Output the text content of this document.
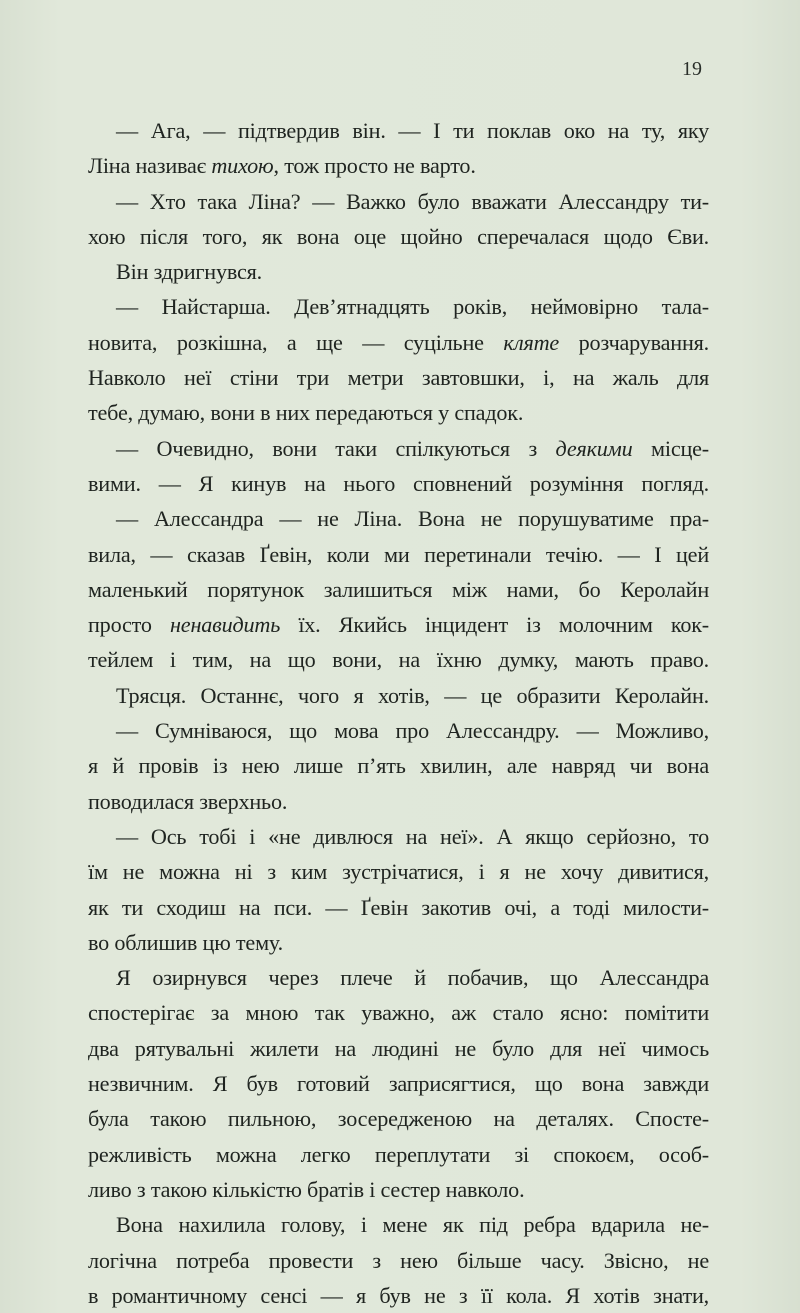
19
— Ага, — підтвердив він. — І ти поклав око на ту, яку
Ліна називає тихою, тож просто не варто.
— Хто така Ліна? — Важко було вважати Алессандру ти-
хою після того, як вона оце щойно сперечалася щодо Єви.
Він здригнувся.
— Найстарша. Дев’ятнадцять років, неймовірно тала-
новита, розкішна, а ще — суцільне кляте розчарування.
Навколо неї стіни три метри завтовшки, і, на жаль для
тебе, думаю, вони в них передаються у спадок.
— Очевидно, вони таки спілкуються з деякими місце-
вими. — Я кинув на нього сповнений розуміння погляд.
— Алессандра — не Ліна. Вона не порушуватиме пра-
вила, — сказав Ґевін, коли ми перетинали течію. — І цей
маленький порятунок залишиться між нами, бо Керолайн
просто ненавидить їх. Якийсь інцидент із молочним кок-
тейлем і тим, на що вони, на їхню думку, мають право.
Трясця. Останнє, чого я хотів, — це образити Керолайн.
— Сумніваюся, що мова про Алессандру. — Можливо,
я й провів із нею лише п’ять хвилин, але навряд чи вона
поводилася зверхньо.
— Ось тобі і «не дивлюся на неї». А якщо серйозно, то
їм не можна ні з ким зустрічатися, і я не хочу дивитися,
як ти сходиш на пси. — Ґевін закотив очі, а тоді милости-
во облишив цю тему.
Я озирнувся через плече й побачив, що Алессандра
спостерігає за мною так уважно, аж стало ясно: помітити
два рятувальні жилети на людині не було для неї чимось
незвичним. Я був готовий заприсягтися, що вона завжди
була такою пильною, зосередженою на деталях. Спосте-
режливість можна легко переплутати зі спокоєм, особ-
ливо з такою кількістю братів і сестер навколо.
Вона нахилила голову, і мене як під ребра вдарила не-
логічна потреба провести з нею більше часу. Звісно, не
в романтичному сенсі — я був не з її кола. Я хотів знати,
